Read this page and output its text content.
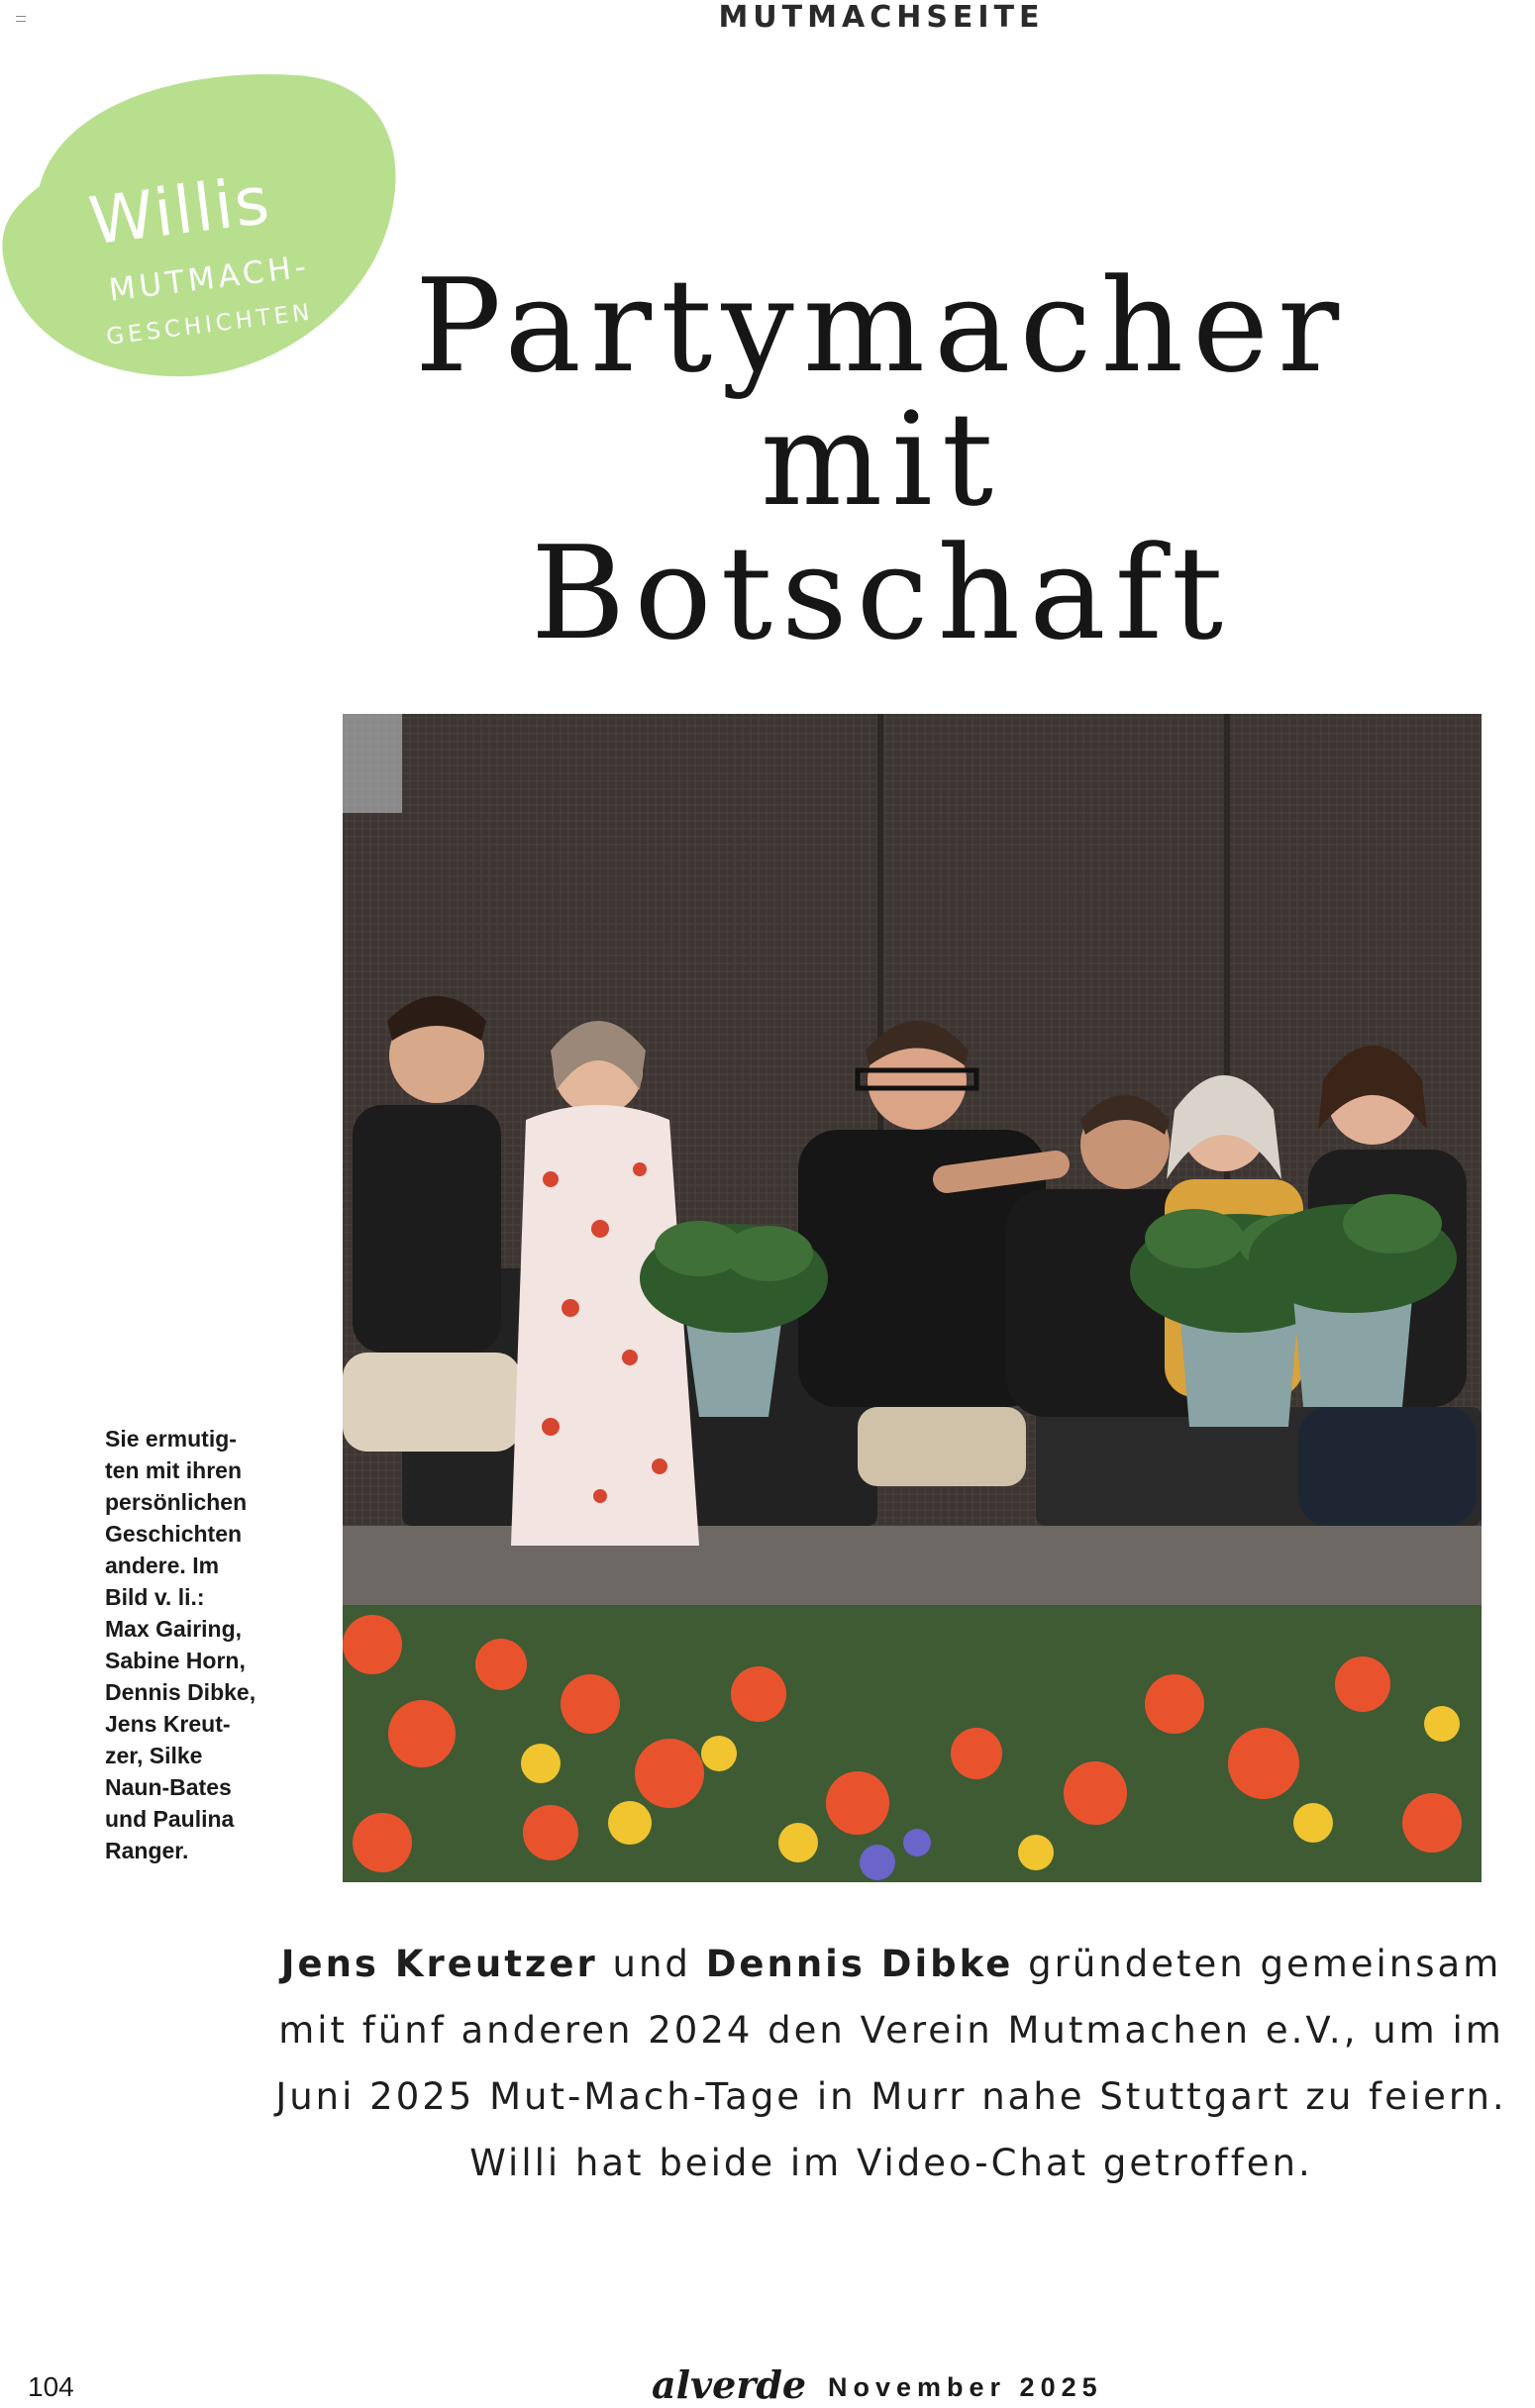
MUTMACHSEITE
Willis
MUTMACH-
GESCHICHTEN Partymacher
mit
Botschaft
Sie ermutig-
ten mit ihren
persönlichen
Geschichten
andere. Im
Bild v. li.:
Max Gairing,
Sabine Horn,
Dennis Dibke,
Jens Kreut-
zer, Silke
Naun-Bates
und Paulina
Ranger.
Jens Kreutzer und Dennis Dibke gründeten gemeinsam
mit fünf anderen 2024 den Verein Mutmachen e.V., um im
Juni 2025 Mut-Mach-Tage in Murr nahe Stuttgart zu feiern.
Willi hat beide im Video-Chat getroffen.
104	alverde November 2025
